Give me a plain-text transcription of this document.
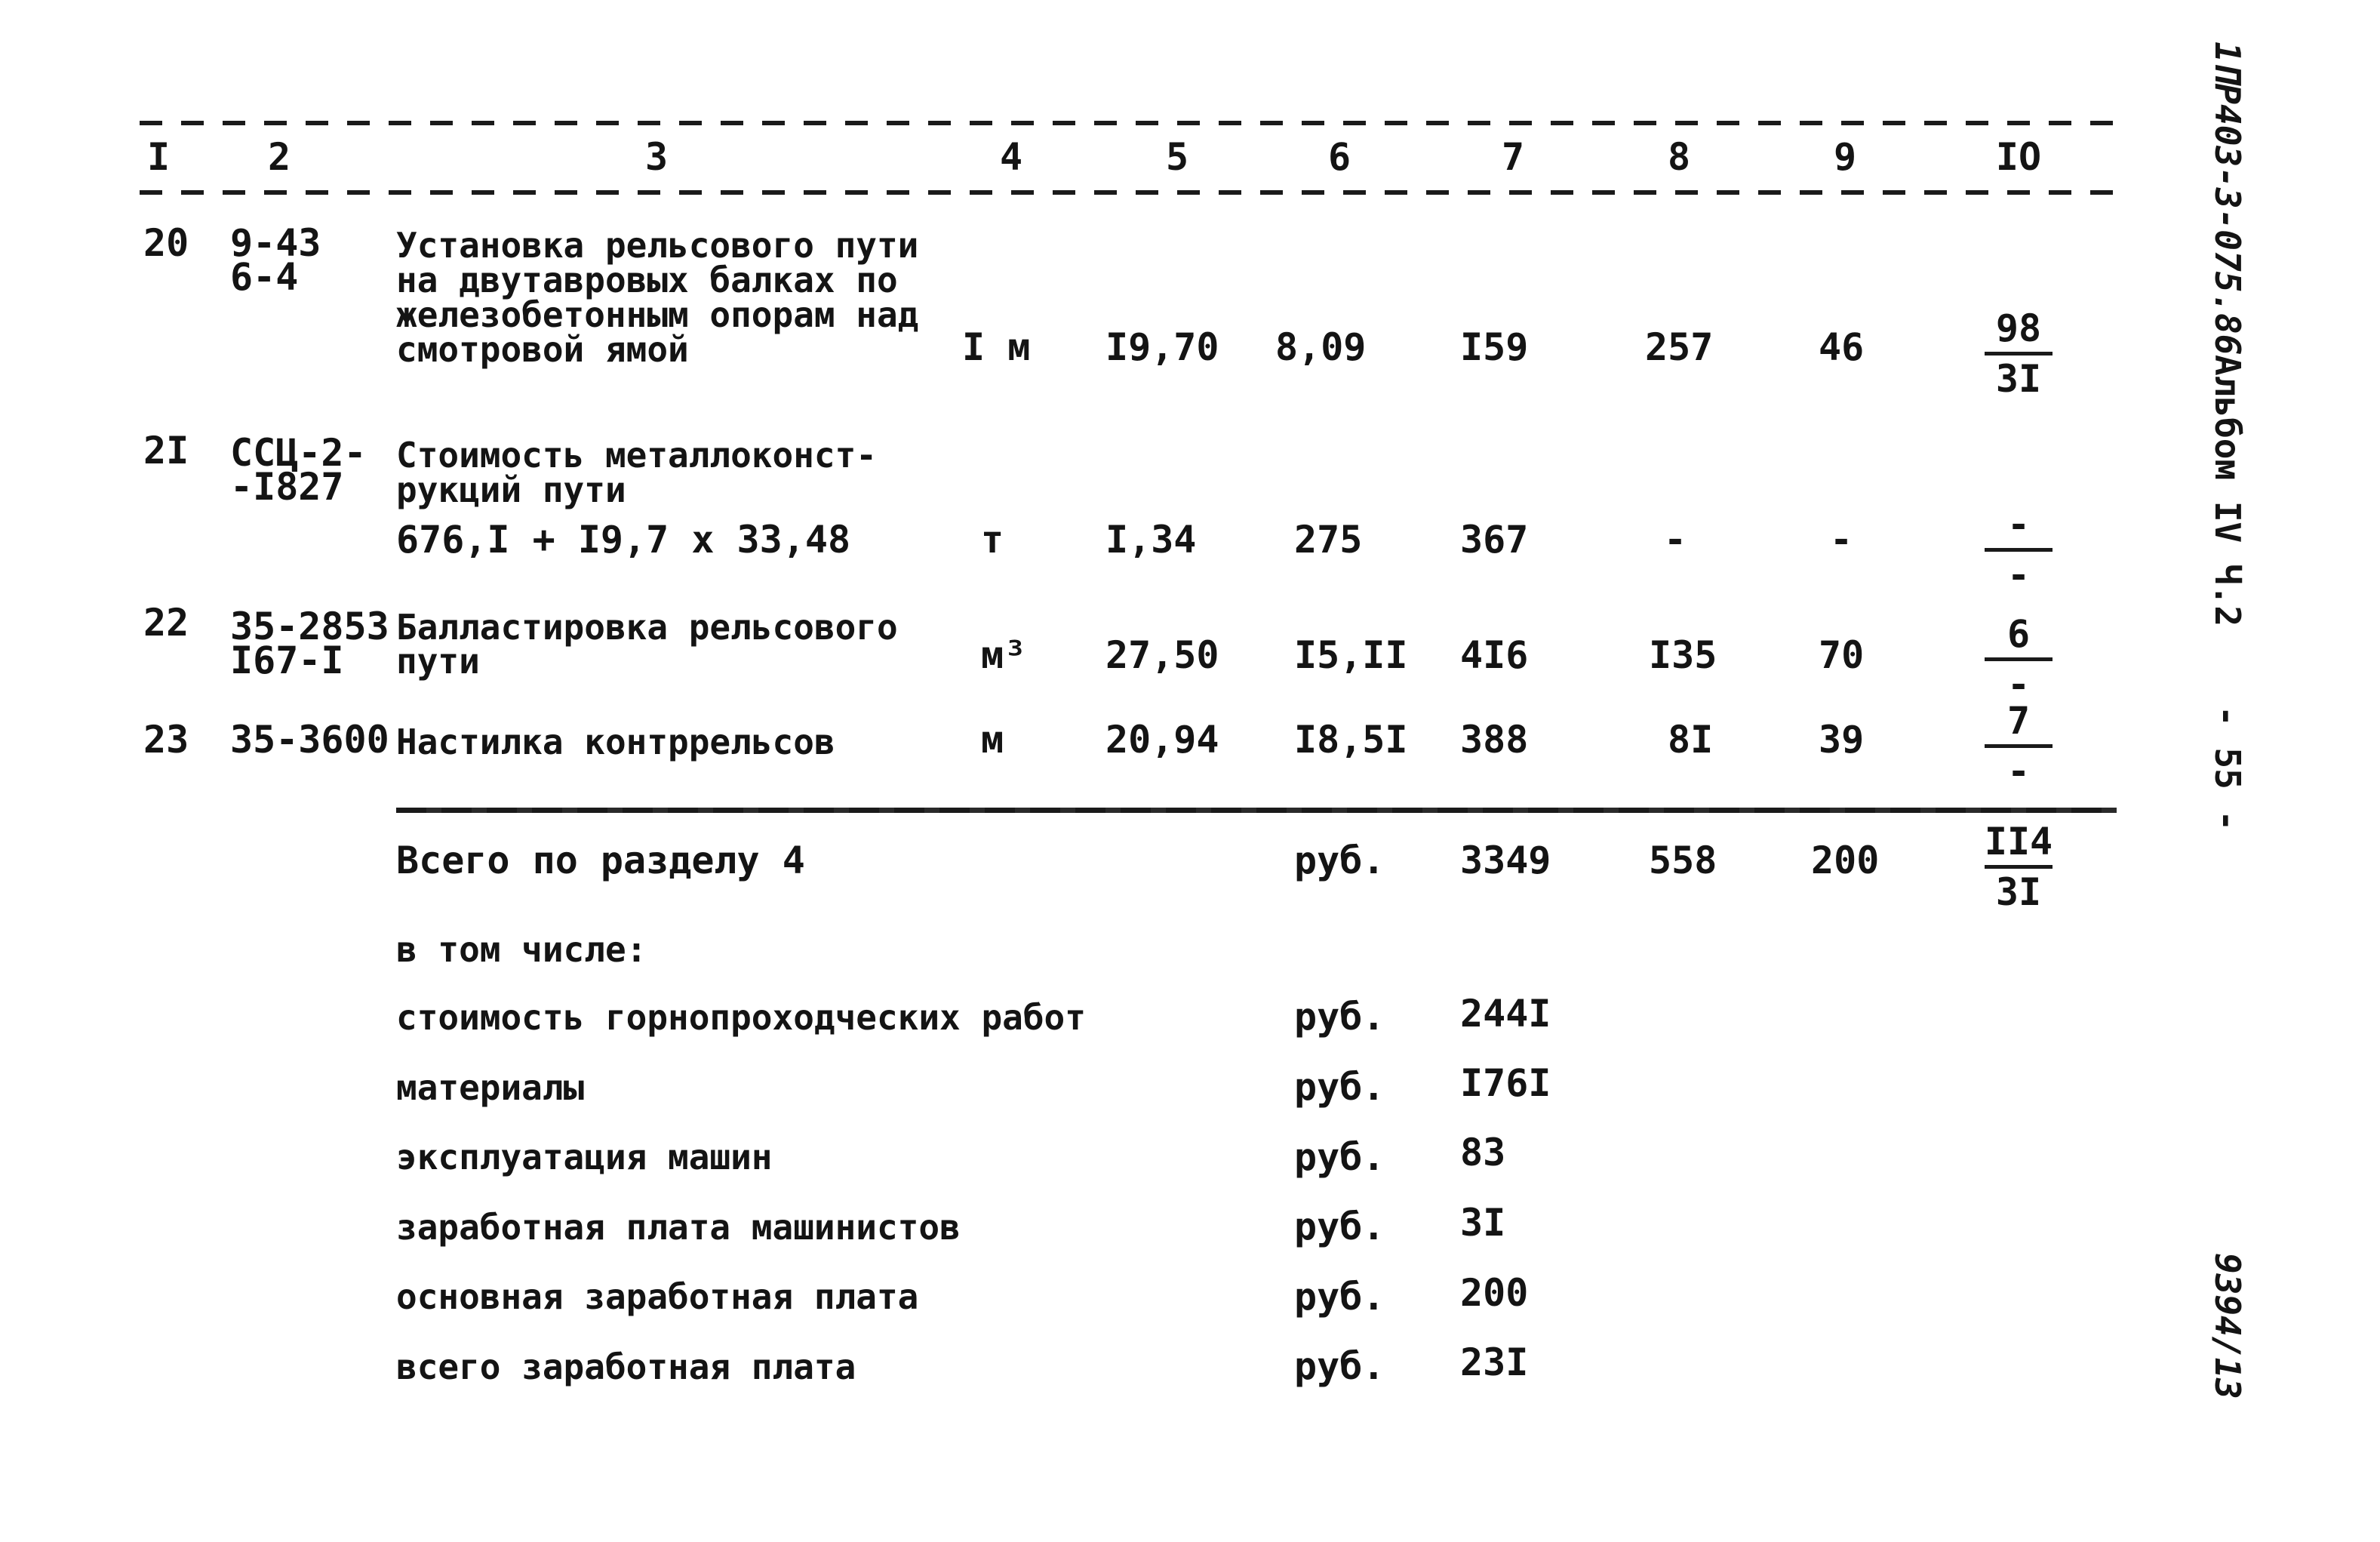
I	2	3	4	5	6	7	8	9	IO
20 9-43
6-4
Установка рельсового пути
на двутавровых балках по
железобетонным опорам над
смотровой ямой	I м I9,70 8,09 I59	257	46	98
3I
2I ССЦ-2-
-I827
Стоимость металлоконст-
рукций пути
676,I + I9,7 х 33,48	т	I,34	275	367	-	-	-
-
22 35-2853
I67-I
Балластировка рельсового
пути	м³ 27,50 I5,II 4I6	I35	70	6
-
23 35-3600 Настилка контррельсов	м	20,94 I8,5I 388	8I	39	7
-
Всего по разделу 4	руб. 3349	558 200	II4
3I
в том числе:
стоимость горнопроходческих работ	руб. 244I
материалы	руб. I76I
эксплуатация машин	руб. 83
заработная плата машинистов	руб. 3I
основная заработная плата	руб. 200
всего заработная плата	руб. 23I
1ПР403-3-075.86
Альбом IV Ч.2
- 55 -
9394/13
